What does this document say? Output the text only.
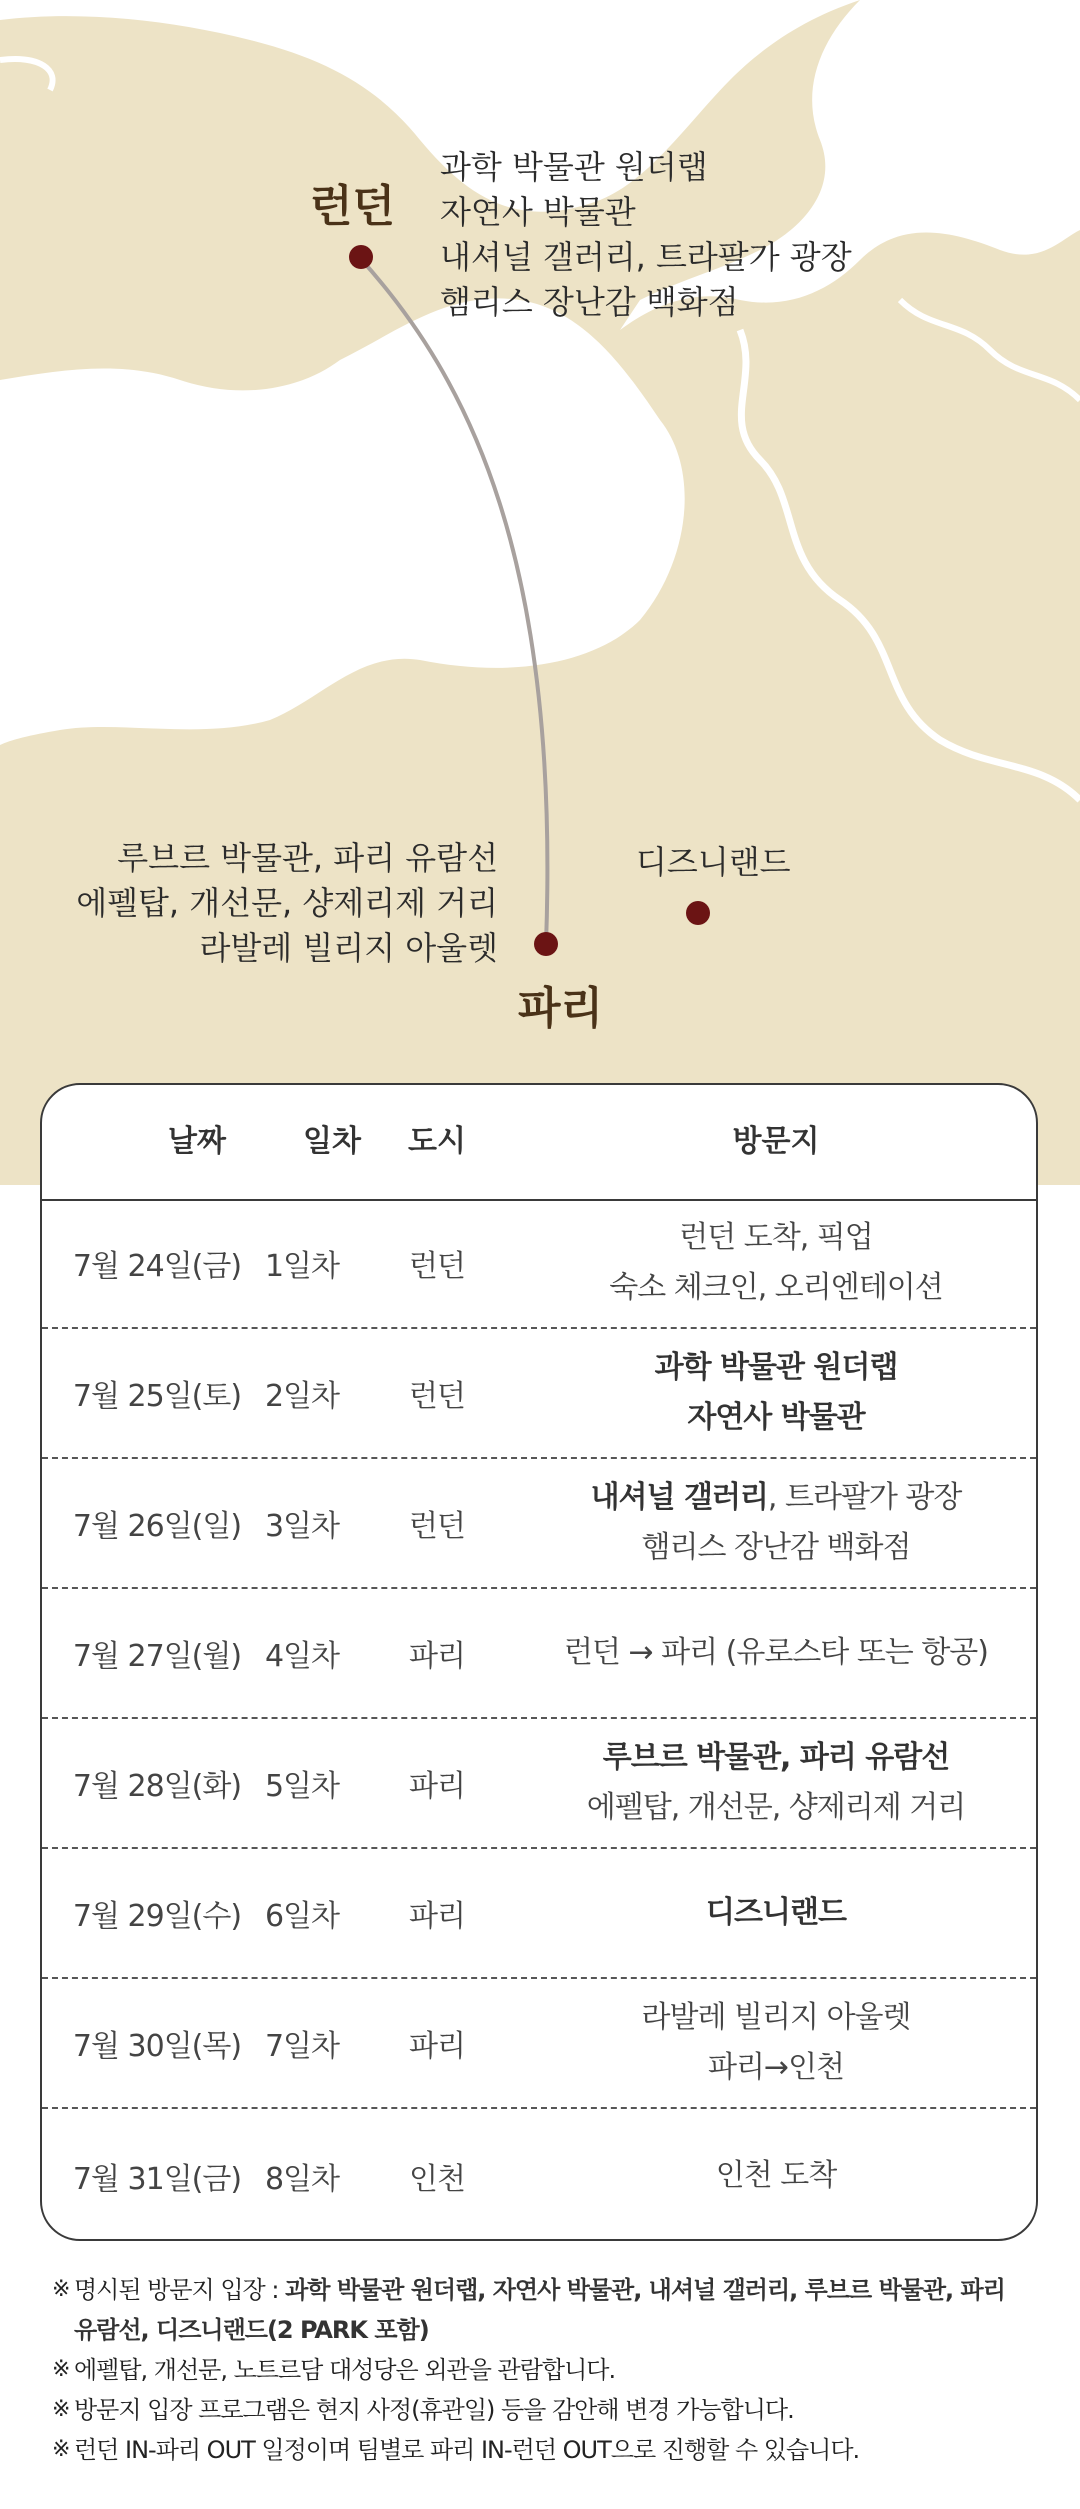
런던
과학 박물관 원더랩
자연사 박물관
내셔널 갤러리, 트라팔가 광장
햄리스 장난감 백화점
루브르 박물관, 파리 유람선
에펠탑, 개선문, 샹제리제 거리
라발레 빌리지 아울렛
파리
디즈니랜드
날짜	일차	도시	방문지
7월 24일(금) 1일차	런던
런던 도착, 픽업
숙소 체크인, 오리엔테이션
7월 25일(토) 2일차	런던
과학 박물관 원더랩
자연사 박물관
7월 26일(일) 3일차	런던
내셔널 갤러리, 트라팔가 광장
햄리스 장난감 백화점
7월 27일(월) 4일차	파리	런던 → 파리 (유로스타 또는 항공)
7월 28일(화) 5일차	파리
루브르 박물관, 파리 유람선
에펠탑, 개선문, 샹제리제 거리
7월 29일(수) 6일차	파리	디즈니랜드
7월 30일(목) 7일차	파리
라발레 빌리지 아울렛
파리→인천
7월 31일(금) 8일차	인천	인천 도착
※ 명시된 방문지 입장 : 과학 박물관 원더랩, 자연사 박물관, 내셔널 갤러리, 루브르 박물관, 파리 유람선, 디즈니랜드(2 PARK 포함)
※ 에펠탑, 개선문, 노트르담 대성당은 외관을 관람합니다.
※ 방문지 입장 프로그램은 현지 사정(휴관일) 등을 감안해 변경 가능합니다.
※ 런던 IN-파리 OUT 일정이며 팀별로 파리 IN-런던 OUT으로 진행할 수 있습니다.
